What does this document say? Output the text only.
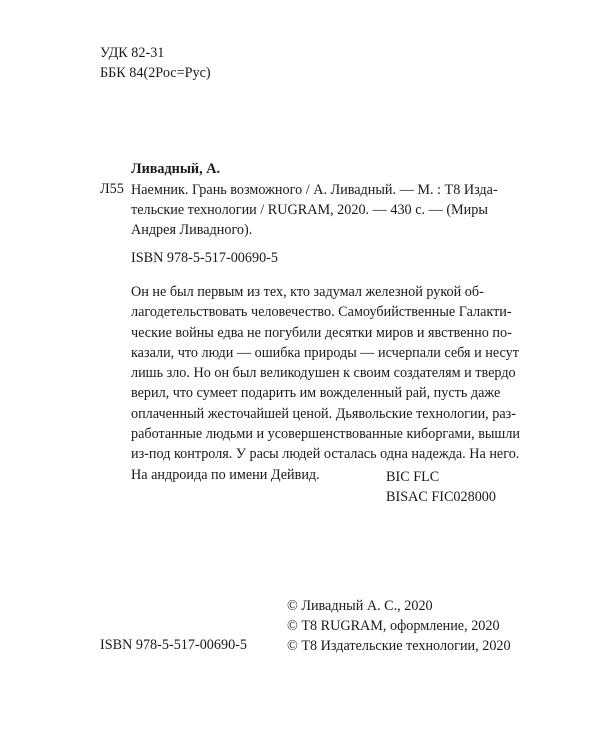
УДК 82-31
ББК 84(2Рос=Рус)
Ливадный, А.
Л55 Наемник. Грань возможного / А. Ливадный. — М. : Т8 Изда-
тельские технологии / RUGRAM, 2020. — 430 с. — (Миры
Андрея Ливадного).
ISBN 978-5-517-00690-5
Он не был первым из тех, кто задумал железной рукой об-
лагодетельствовать человечество. Самоубийственные Галакти-
ческие войны едва не погубили десятки миров и явственно по-
казали, что люди — ошибка природы — исчерпали себя и несут
лишь зло. Но он был великодушен к своим создателям и твердо
верил, что сумеет подарить им вожделенный рай, пусть даже
оплаченный жесточайшей ценой. Дьявольские технологии, раз-
работанные людьми и усовершенствованные киборгами, вышли
из-под контроля. У расы людей осталась одна надежда. На него.
На андроида по имени Дейвид.	BIC FLC
BISAC FIC028000
© Ливадный А. С., 2020
© Т8 RUGRAM, оформление, 2020
© Т8 Издательские технологии, 2020
ISBN 978-5-517-00690-5
